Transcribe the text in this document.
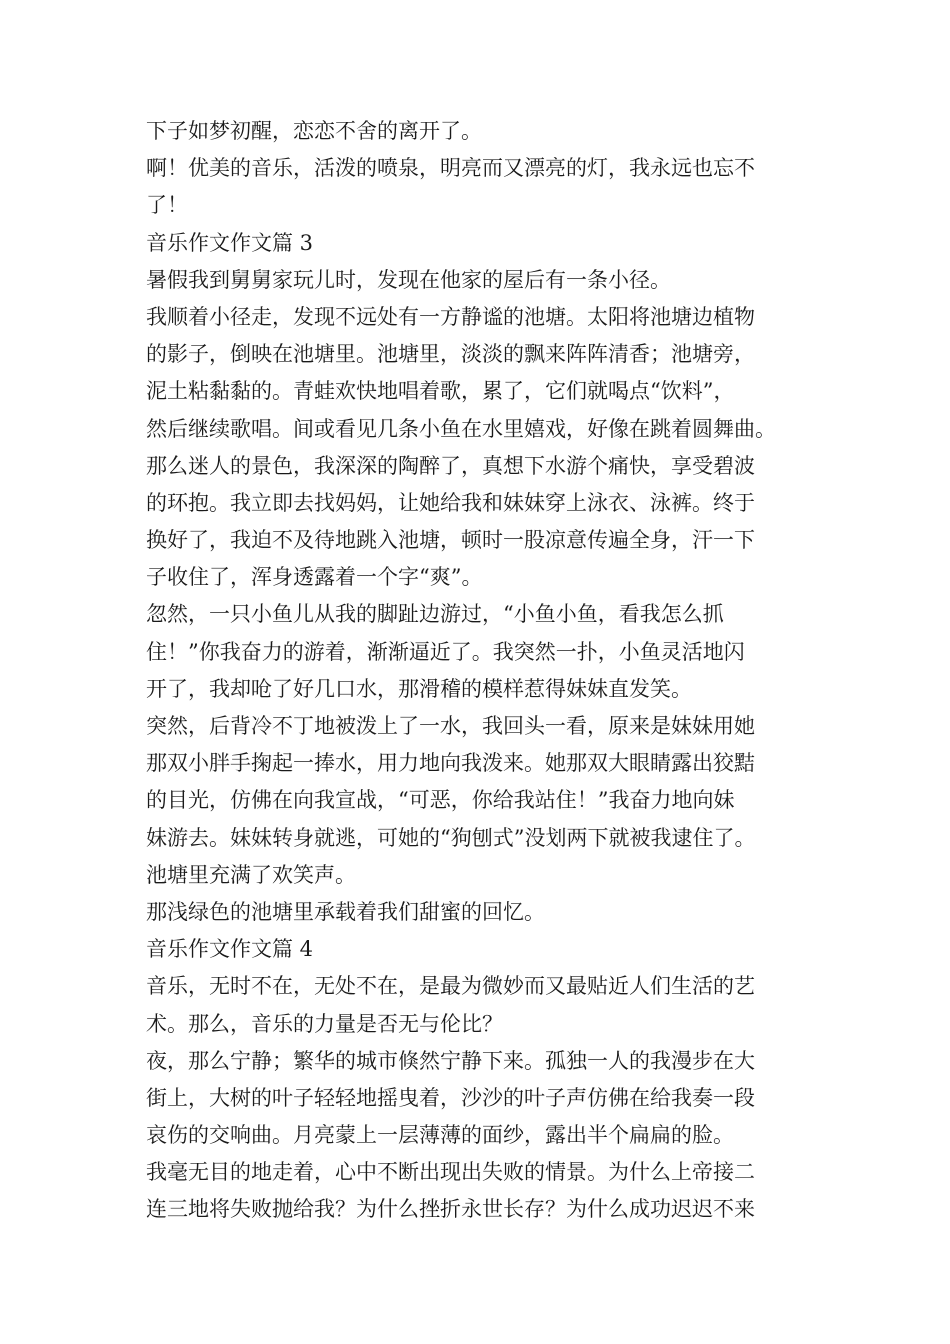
下子如梦初醒，恋恋不舍的离开了。
啊！优美的音乐，活泼的喷泉，明亮而又漂亮的灯，我永远也忘不
了！
音乐作文作文篇 3
暑假我到舅舅家玩儿时，发现在他家的屋后有一条小径。
我顺着小径走，发现不远处有一方静谧的池塘。太阳将池塘边植物
的影子，倒映在池塘里。池塘里，淡淡的飘来阵阵清香；池塘旁，
泥土粘黏黏的。青蛙欢快地唱着歌，累了，它们就喝点“饮料”，
然后继续歌唱。间或看见几条小鱼在水里嬉戏，好像在跳着圆舞曲。
那么迷人的景色，我深深的陶醉了，真想下水游个痛快，享受碧波
的环抱。我立即去找妈妈，让她给我和妹妹穿上泳衣、泳裤。终于
换好了，我迫不及待地跳入池塘，顿时一股凉意传遍全身，汗一下
子收住了，浑身透露着一个字“爽”。
忽然，一只小鱼儿从我的脚趾边游过，“小鱼小鱼，看我怎么抓
住！”你我奋力的游着，渐渐逼近了。我突然一扑，小鱼灵活地闪
开了，我却呛了好几口水，那滑稽的模样惹得妹妹直发笑。
突然，后背冷不丁地被泼上了一水，我回头一看，原来是妹妹用她
那双小胖手掬起一捧水，用力地向我泼来。她那双大眼睛露出狡黠
的目光，仿佛在向我宣战，“可恶，你给我站住！”我奋力地向妹
妹游去。妹妹转身就逃，可她的“狗刨式”没划两下就被我逮住了。
池塘里充满了欢笑声。
那浅绿色的池塘里承载着我们甜蜜的回忆。
音乐作文作文篇 4
音乐，无时不在，无处不在，是最为微妙而又最贴近人们生活的艺
术。那么，音乐的力量是否无与伦比？
夜，那么宁静；繁华的城市倏然宁静下来。孤独一人的我漫步在大
街上，大树的叶子轻轻地摇曳着，沙沙的叶子声仿佛在给我奏一段
哀伤的交响曲。月亮蒙上一层薄薄的面纱，露出半个扁扁的脸。
我毫无目的地走着，心中不断出现出失败的情景。为什么上帝接二
连三地将失败抛给我？为什么挫折永世长存？为什么成功迟迟不来
